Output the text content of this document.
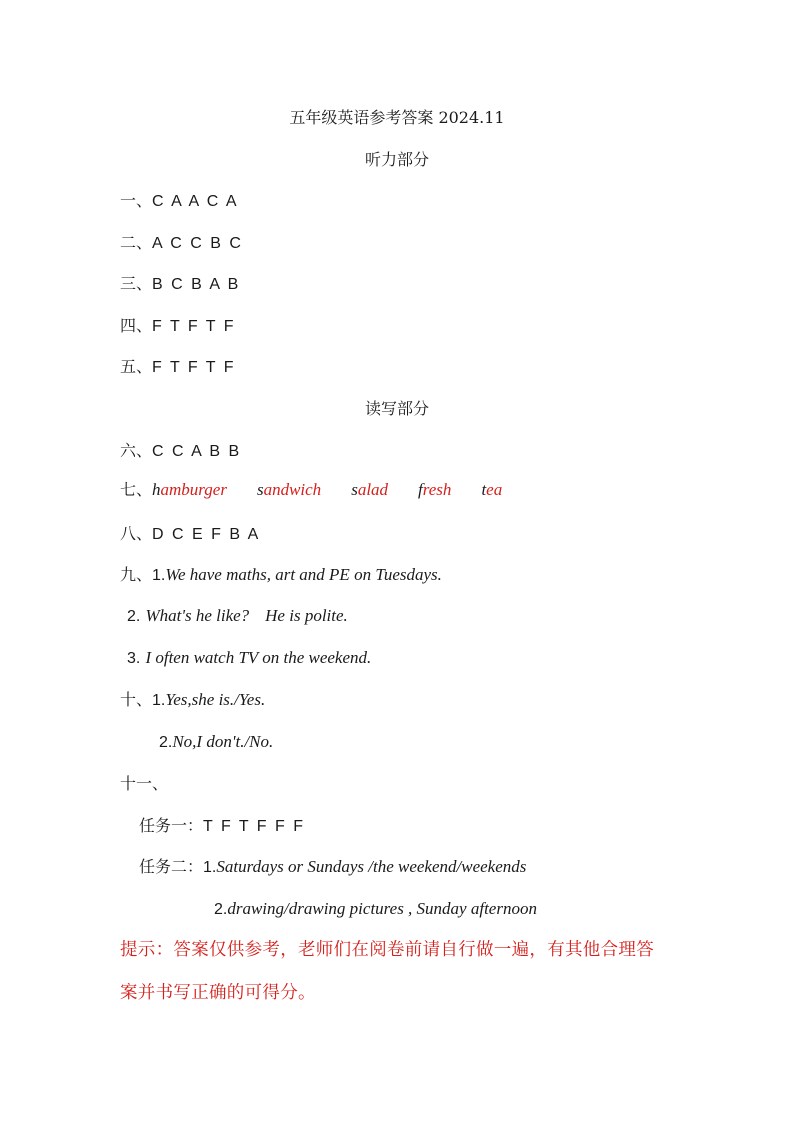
五年级英语参考答案 2024.11
听力部分
一、C A A C A
二、A C C B C
三、B C B A B
四、F T F T F
五、F T F T F
读写部分
六、C C A B B
七、hamburger sandwich salad fresh tea
八、D C E F B A
九、1.We have maths, art and PE on Tuesdays.
2. What's he like? He is polite.
3. I often watch TV on the weekend.
十、1.Yes,she is./Yes.
2.No,I don't./No.
十一、
任务一：T F T F F F
任务二：1.Saturdays or Sundays /the weekend/weekends
2.drawing/drawing pictures , Sunday afternoon
提示：答案仅供参考，老师们在阅卷前请自行做一遍，有其他合理答
案并书写正确的可得分。
